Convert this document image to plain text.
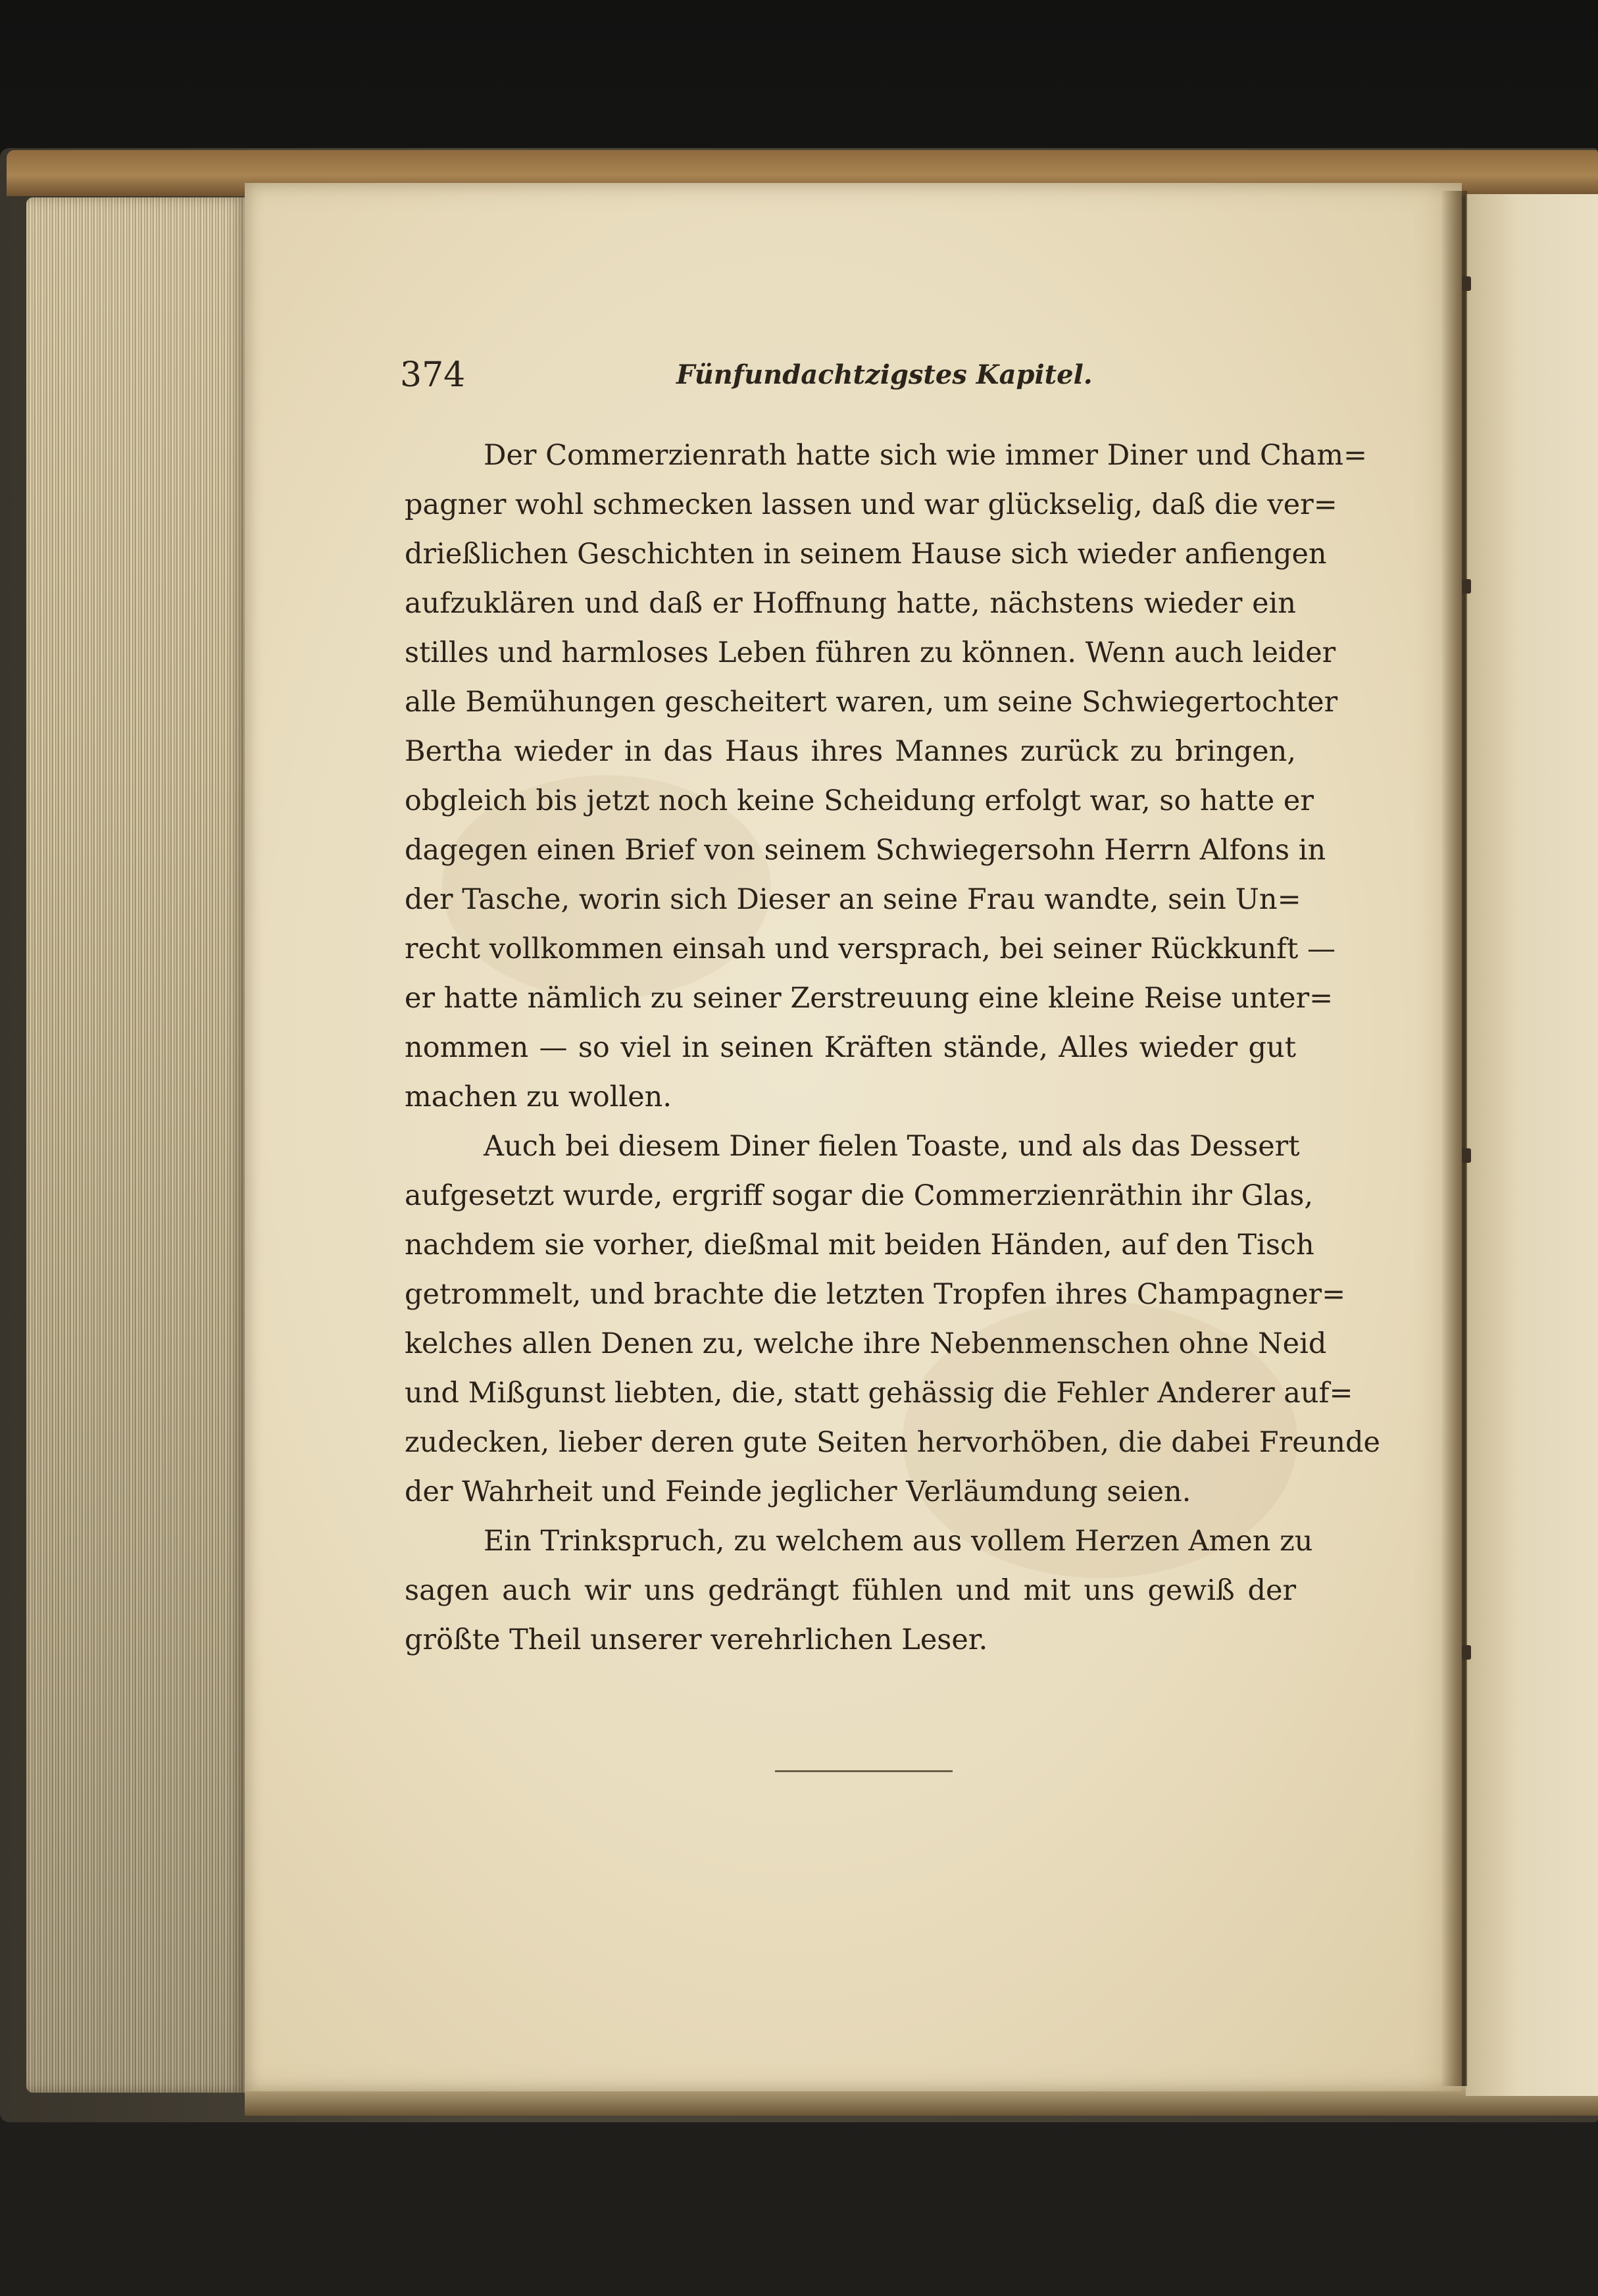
374	Fünfundachtzigstes Kapitel.
Der Commerzienrath hatte sich wie immer Diner und Cham=
pagner wohl schmecken lassen und war glückselig, daß die ver=
drießlichen Geschichten in seinem Hause sich wieder anfiengen
aufzuklären und daß er Hoffnung hatte, nächstens wieder ein
stilles und harmloses Leben führen zu können. Wenn auch leider
alle Bemühungen gescheitert waren, um seine Schwiegertochter
Bertha wieder in das Haus ihres Mannes zurück zu bringen,
obgleich bis jetzt noch keine Scheidung erfolgt war, so hatte er
dagegen einen Brief von seinem Schwiegersohn Herrn Alfons in
der Tasche, worin sich Dieser an seine Frau wandte, sein Un=
recht vollkommen einsah und versprach, bei seiner Rückkunft —
er hatte nämlich zu seiner Zerstreuung eine kleine Reise unter=
nommen — so viel in seinen Kräften stände, Alles wieder gut
machen zu wollen.
Auch bei diesem Diner fielen Toaste, und als das Dessert
aufgesetzt wurde, ergriff sogar die Commerzienräthin ihr Glas,
nachdem sie vorher, dießmal mit beiden Händen, auf den Tisch
getrommelt, und brachte die letzten Tropfen ihres Champagner=
kelches allen Denen zu, welche ihre Nebenmenschen ohne Neid
und Mißgunst liebten, die, statt gehässig die Fehler Anderer auf=
zudecken, lieber deren gute Seiten hervorhöben, die dabei Freunde
der Wahrheit und Feinde jeglicher Verläumdung seien.
Ein Trinkspruch, zu welchem aus vollem Herzen Amen zu
sagen auch wir uns gedrängt fühlen und mit uns gewiß der
größte Theil unserer verehrlichen Leser.
